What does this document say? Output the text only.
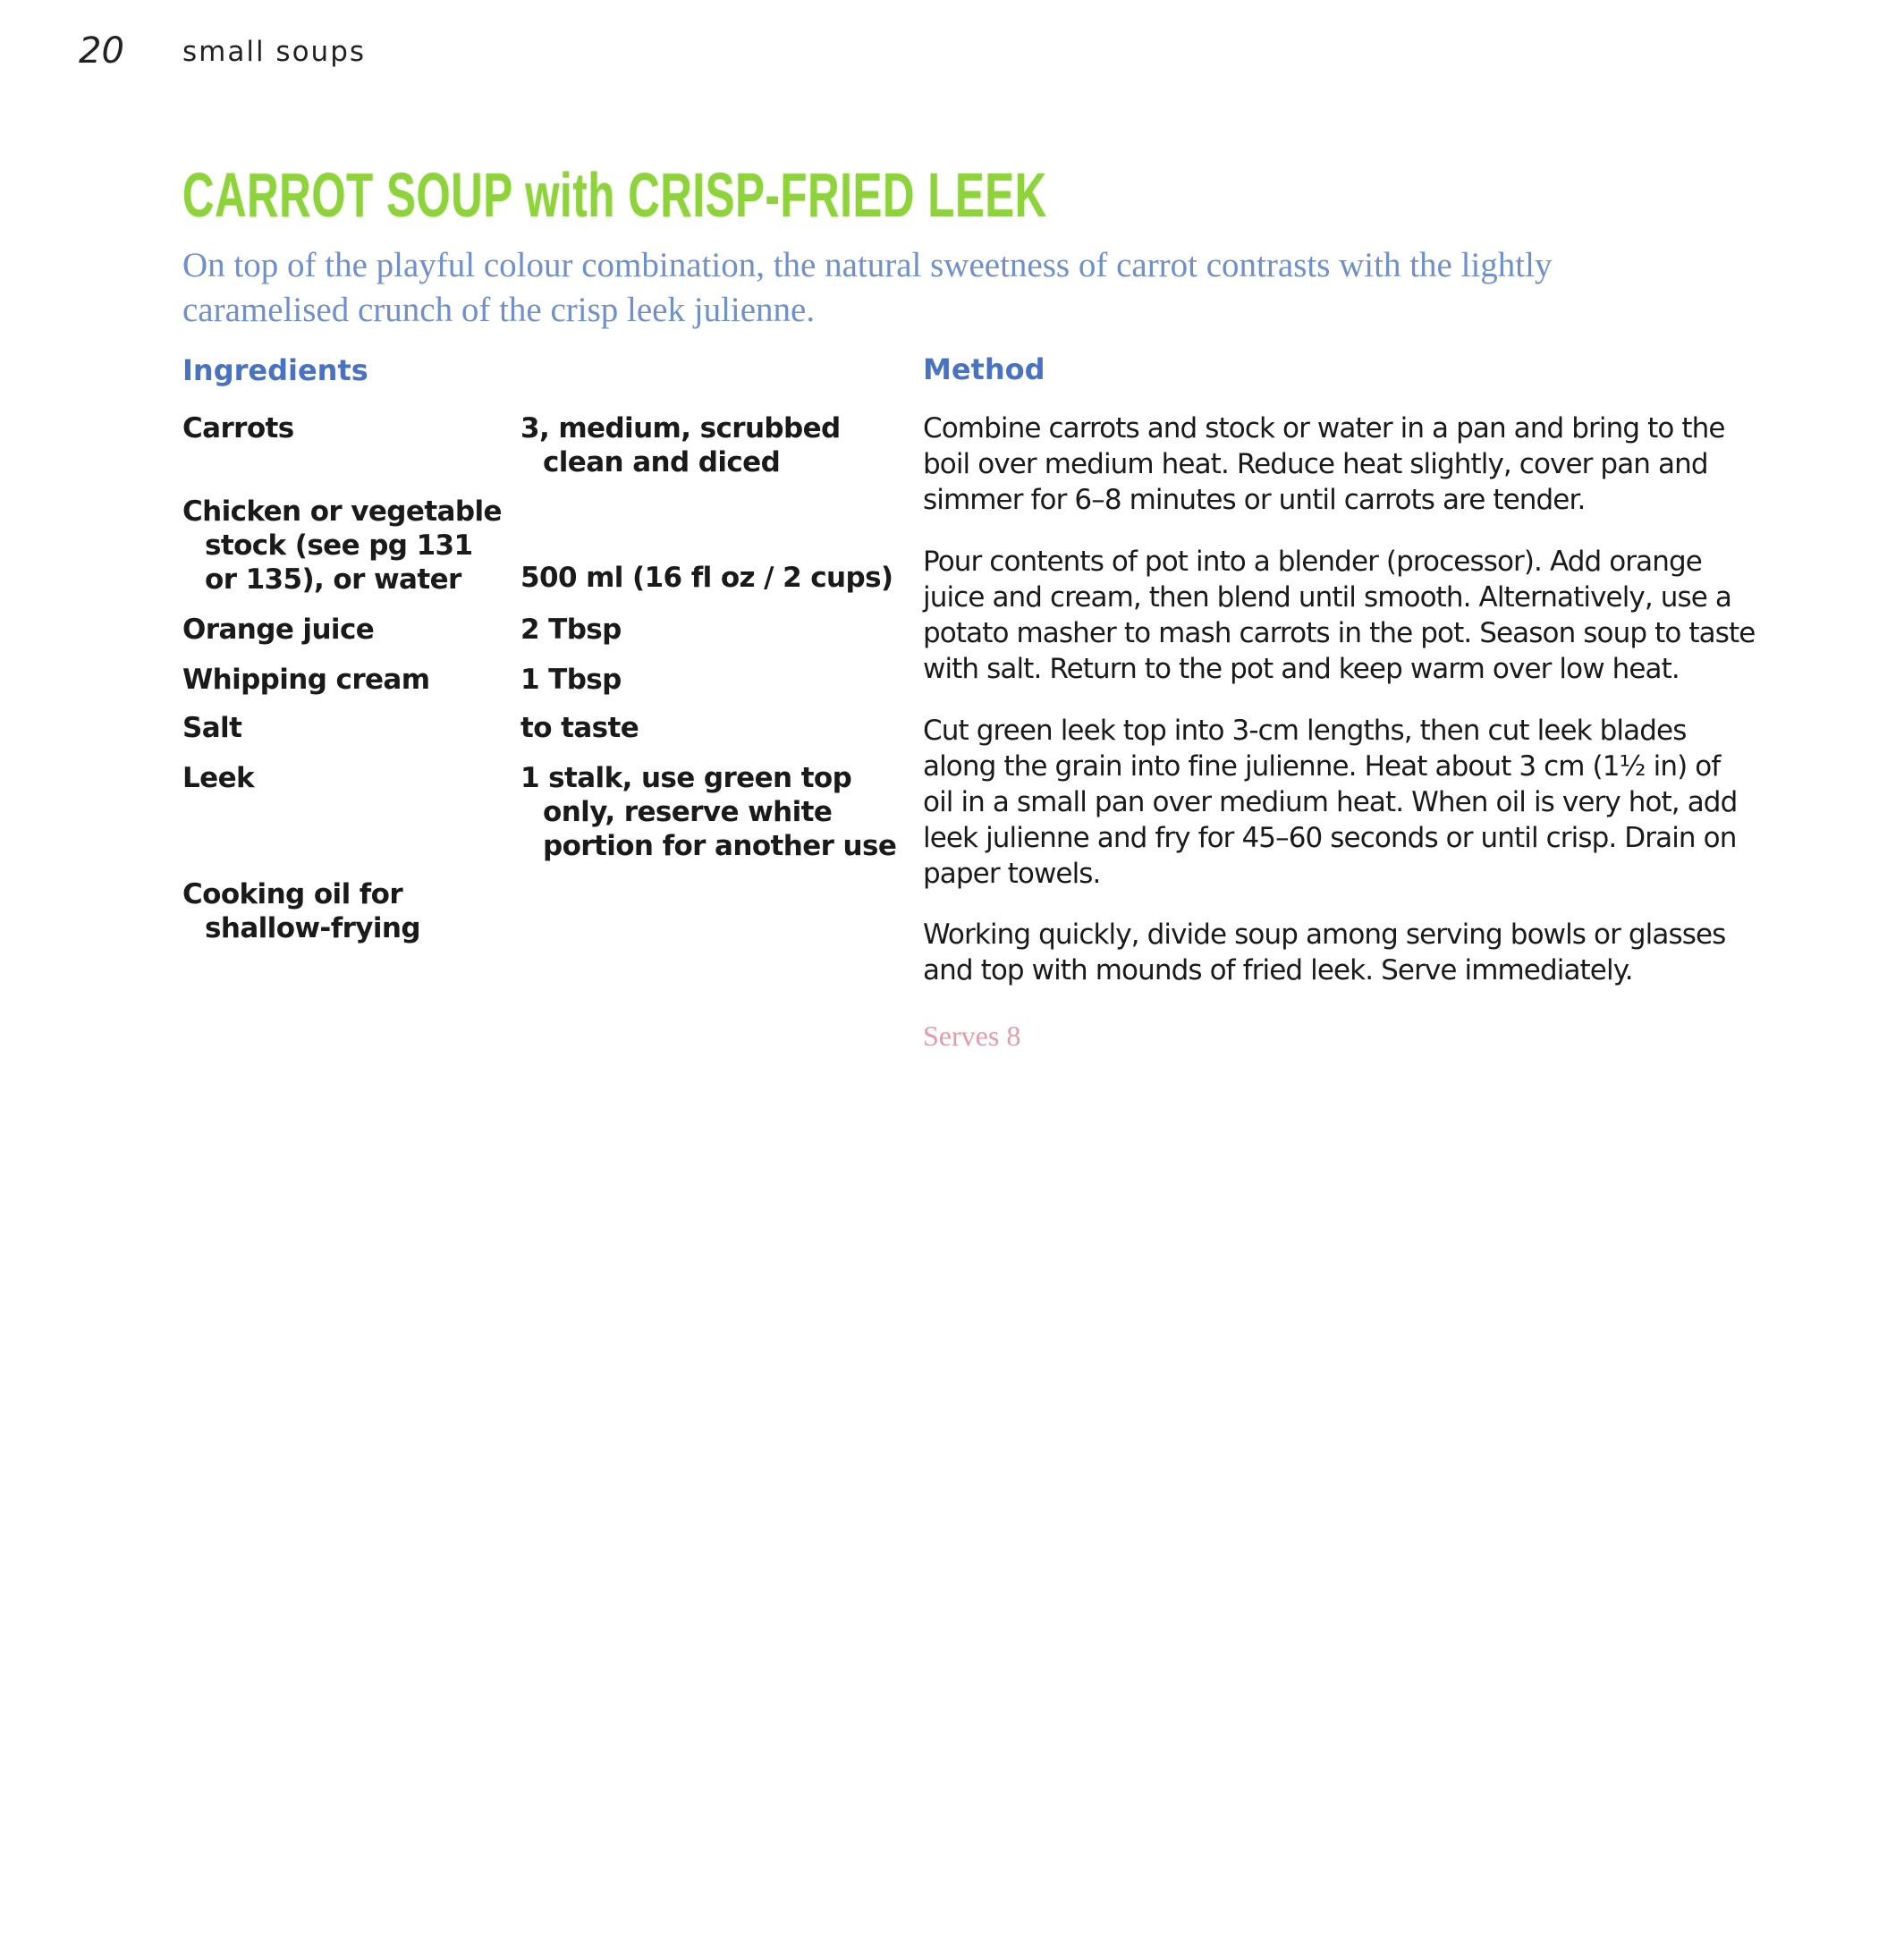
20 small soups
CARROT SOUP with CRISP-FRIED LEEK
On top of the playful colour combination, the natural sweetness of carrot contrasts with the lightly
caramelised crunch of the crisp leek julienne.
Ingredients	Method
Carrots	3, medium, scrubbed
clean and diced
Chicken or vegetable
stock (see pg 131
or 135), or water	500 ml (16 fl oz / 2 cups)
Orange juice	2 Tbsp
Whipping cream	1 Tbsp
Salt	to taste
Leek	1 stalk, use green top
only, reserve white
portion for another use
Cooking oil for
shallow-frying
Combine carrots and stock or water in a pan and bring to the
boil over medium heat. Reduce heat slightly, cover pan and
simmer for 6–8 minutes or until carrots are tender.
Pour contents of pot into a blender (processor). Add orange
juice and cream, then blend until smooth. Alternatively, use a
potato masher to mash carrots in the pot. Season soup to taste
with salt. Return to the pot and keep warm over low heat.
Cut green leek top into 3-cm lengths, then cut leek blades
along the grain into fine julienne. Heat about 3 cm (1½ in) of
oil in a small pan over medium heat. When oil is very hot, add
leek julienne and fry for 45–60 seconds or until crisp. Drain on
paper towels.
Working quickly, divide soup among serving bowls or glasses
and top with mounds of fried leek. Serve immediately.
Serves 8
